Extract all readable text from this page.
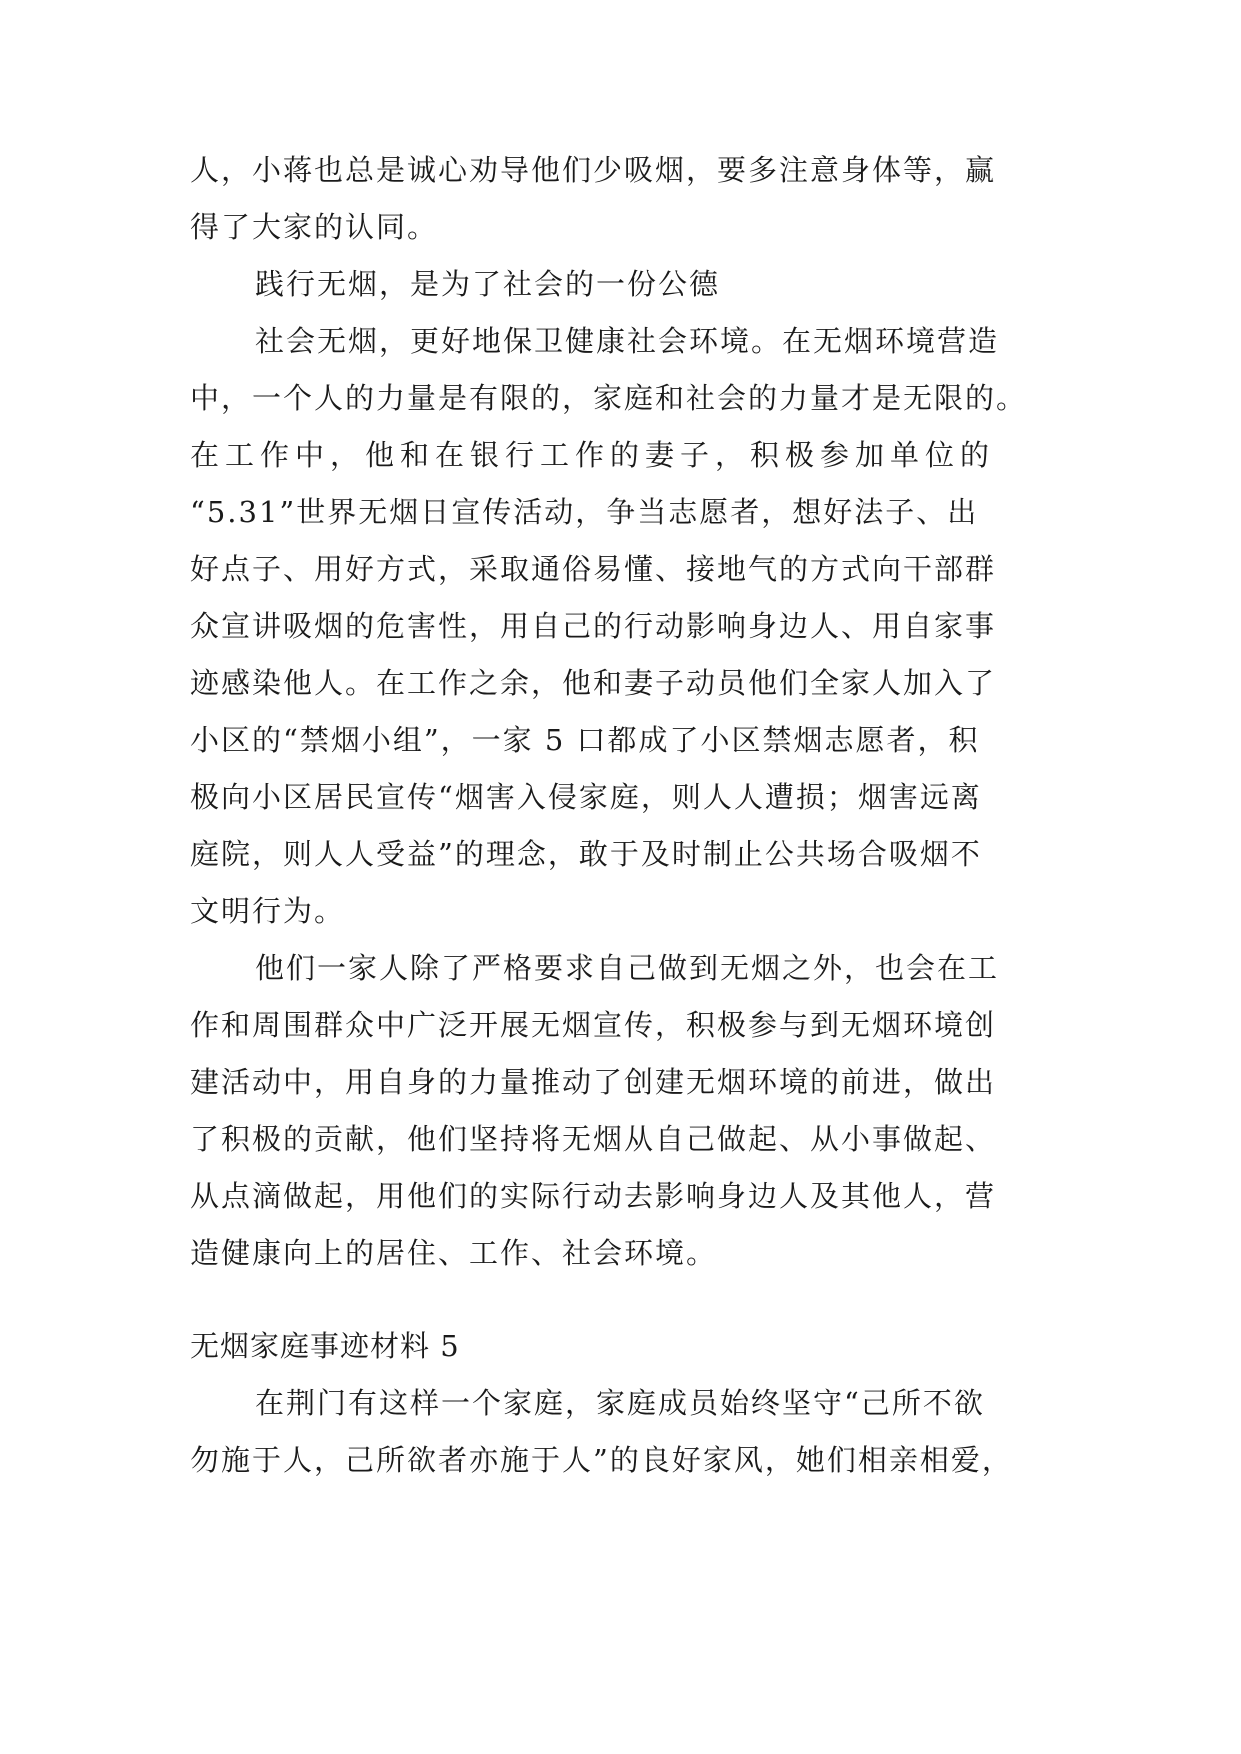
人，小蒋也总是诚心劝导他们少吸烟，要多注意身体等，赢
得了大家的认同。
践行无烟，是为了社会的一份公德
社会无烟，更好地保卫健康社会环境。在无烟环境营造
中，一个人的力量是有限的，家庭和社会的力量才是无限的。
在工作中，他和在银行工作的妻子，积极参加单位的
“5.31”世界无烟日宣传活动，争当志愿者，想好法子、出
好点子、用好方式，采取通俗易懂、接地气的方式向干部群
众宣讲吸烟的危害性，用自己的行动影响身边人、用自家事
迹感染他人。在工作之余，他和妻子动员他们全家人加入了
小区的“禁烟小组”，一家 5 口都成了小区禁烟志愿者，积
极向小区居民宣传“烟害入侵家庭，则人人遭损；烟害远离
庭院，则人人受益”的理念，敢于及时制止公共场合吸烟不
文明行为。
他们一家人除了严格要求自己做到无烟之外，也会在工
作和周围群众中广泛开展无烟宣传，积极参与到无烟环境创
建活动中，用自身的力量推动了创建无烟环境的前进，做出
了积极的贡献，他们坚持将无烟从自己做起、从小事做起、
从点滴做起，用他们的实际行动去影响身边人及其他人，营
造健康向上的居住、工作、社会环境。
无烟家庭事迹材料 5
在荆门有这样一个家庭，家庭成员始终坚守“己所不欲
勿施于人，己所欲者亦施于人”的良好家风，她们相亲相爱，
